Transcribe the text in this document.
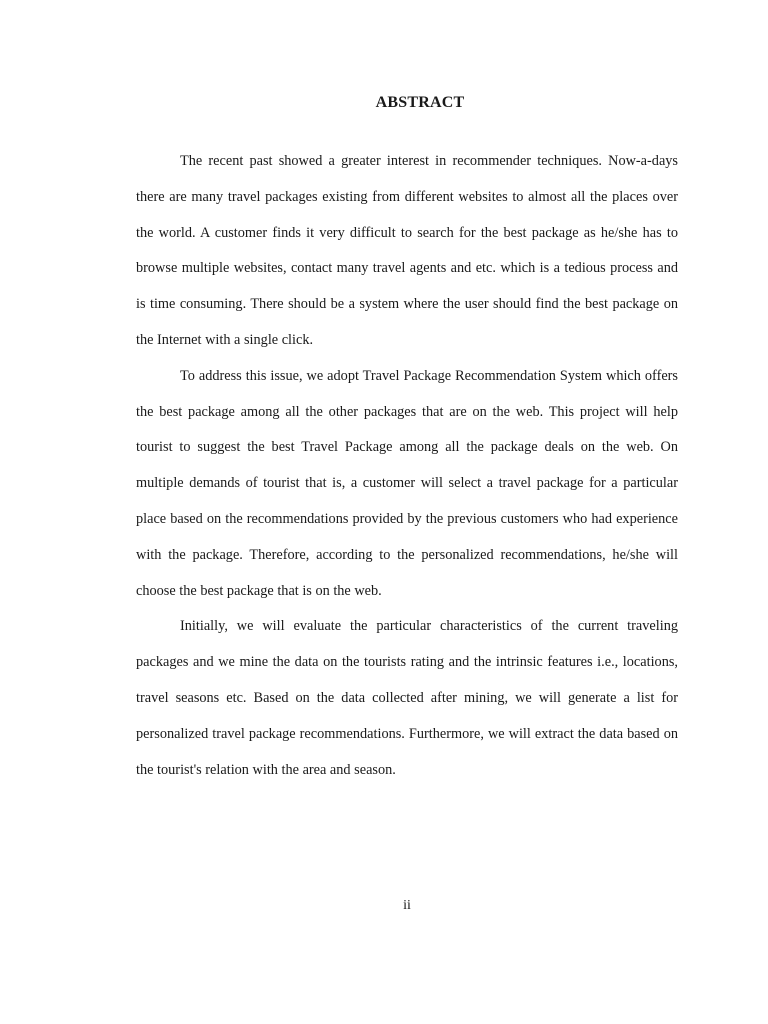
ABSTRACT

The recent past showed a greater interest in recommender techniques. Now-a-days there are many travel packages existing from different websites to almost all the places over the world. A customer finds it very difficult to search for the best package as he/she has to browse multiple websites, contact many travel agents and etc. which is a tedious process and is time consuming. There should be a system where the user should find the best package on the Internet with a single click.

To address this issue, we adopt Travel Package Recommendation System which offers the best package among all the other packages that are on the web. This project will help tourist to suggest the best Travel Package among all the package deals on the web. On multiple demands of tourist that is, a customer will select a travel package for a particular place based on the recommendations provided by the previous customers who had experience with the package. Therefore, according to the personalized recommendations, he/she will choose the best package that is on the web.

Initially, we will evaluate the particular characteristics of the current traveling packages and we mine the data on the tourists rating and the intrinsic features i.e., locations, travel seasons etc. Based on the data collected after mining, we will generate a list for personalized travel package recommendations. Furthermore, we will extract the data based on the tourist's relation with the area and season.

ii
